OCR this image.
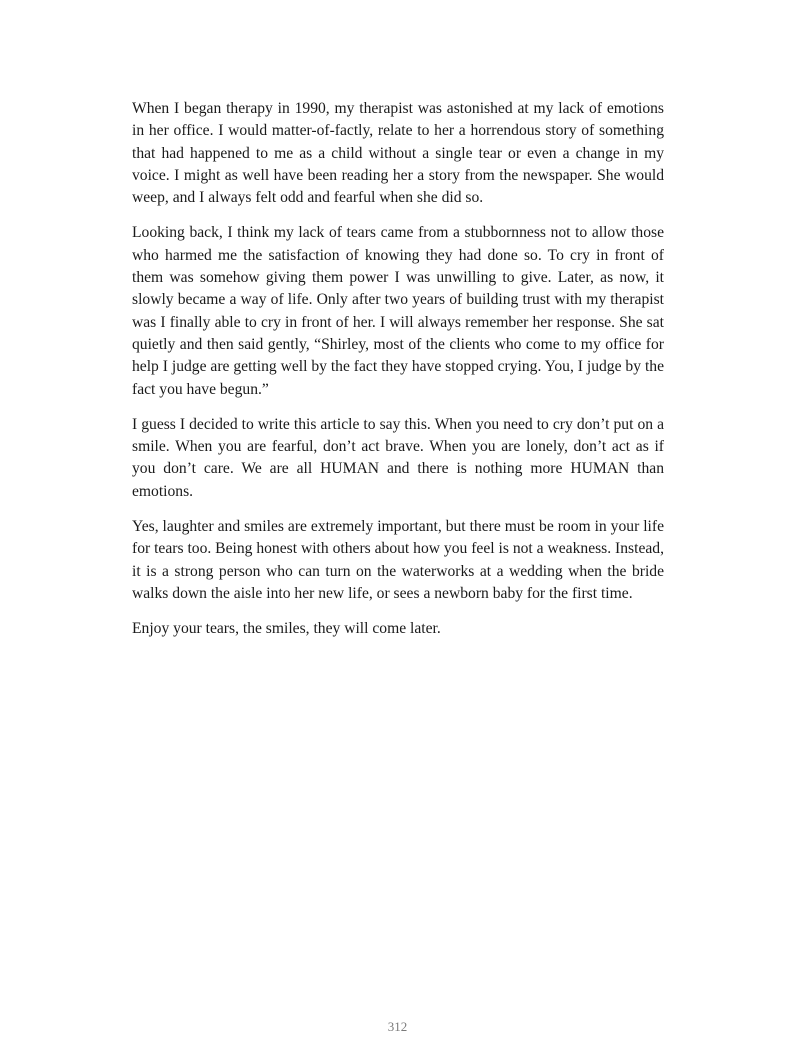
When I began therapy in 1990, my therapist was astonished at my lack of emotions in her office. I would matter-of-factly, relate to her a horrendous story of something that had happened to me as a child without a single tear or even a change in my voice. I might as well have been reading her a story from the newspaper. She would weep, and I always felt odd and fearful when she did so.

Looking back, I think my lack of tears came from a stubbornness not to allow those who harmed me the satisfaction of knowing they had done so. To cry in front of them was somehow giving them power I was unwilling to give. Later, as now, it slowly became a way of life. Only after two years of building trust with my therapist was I finally able to cry in front of her. I will always remember her response. She sat quietly and then said gently, “Shirley, most of the clients who come to my office for help I judge are getting well by the fact they have stopped crying. You, I judge by the fact you have begun.”

I guess I decided to write this article to say this. When you need to cry don’t put on a smile. When you are fearful, don’t act brave. When you are lonely, don’t act as if you don’t care. We are all HUMAN and there is nothing more HUMAN than emotions.

Yes, laughter and smiles are extremely important, but there must be room in your life for tears too. Being honest with others about how you feel is not a weakness. Instead, it is a strong person who can turn on the waterworks at a wedding when the bride walks down the aisle into her new life, or sees a newborn baby for the first time.

Enjoy your tears, the smiles, they will come later.

312
